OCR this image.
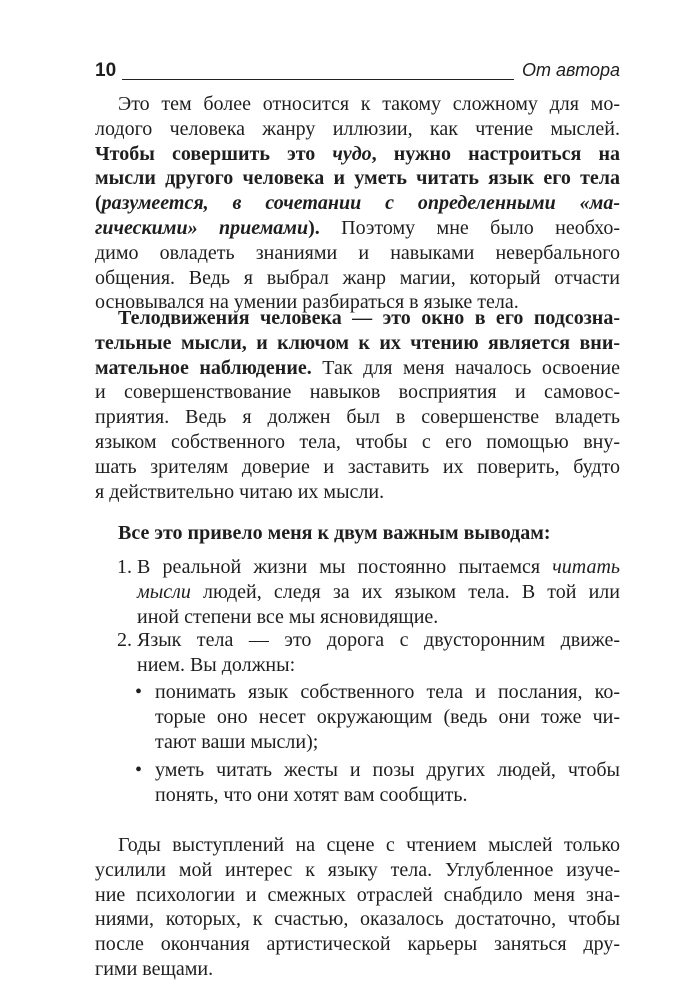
10	От автора
Это тем более относится к такому сложному для мо-
лодого человека жанру иллюзии, как чтение мыслей.
Чтобы совершить это чудо, нужно настроиться на
мысли другого человека и уметь читать язык его тела
(разумеется, в сочетании с определенными «ма-
гическими» приемами). Поэтому мне было необхо-
димо овладеть знаниями и навыками невербального
общения. Ведь я выбрал жанр магии, который отчасти
основывался на умении разбираться в языке тела.
Телодвижения человека — это окно в его подсозна-
тельные мысли, и ключом к их чтению является вни-
мательное наблюдение. Так для меня началось освоение
и совершенствование навыков восприятия и самовос-
приятия. Ведь я должен был в совершенстве владеть
языком собственного тела, чтобы с его помощью вну-
шать зрителям доверие и заставить их поверить, будто
я действительно читаю их мысли.
Все это привело меня к двум важным выводам:
1. В реальной жизни мы постоянно пытаемся читать
мысли людей, следя за их языком тела. В той или
иной степени все мы ясновидящие.
2. Язык тела — это дорога с двусторонним движе-
нием. Вы должны:
• понимать язык собственного тела и послания, ко-
торые оно несет окружающим (ведь они тоже чи-
тают ваши мысли);
• уметь читать жесты и позы других людей, чтобы
понять, что они хотят вам сообщить.
Годы выступлений на сцене с чтением мыслей только
усилили мой интерес к языку тела. Углубленное изуче-
ние психологии и смежных отраслей снабдило меня зна-
ниями, которых, к счастью, оказалось достаточно, чтобы
после окончания артистической карьеры заняться дру-
гими вещами.
